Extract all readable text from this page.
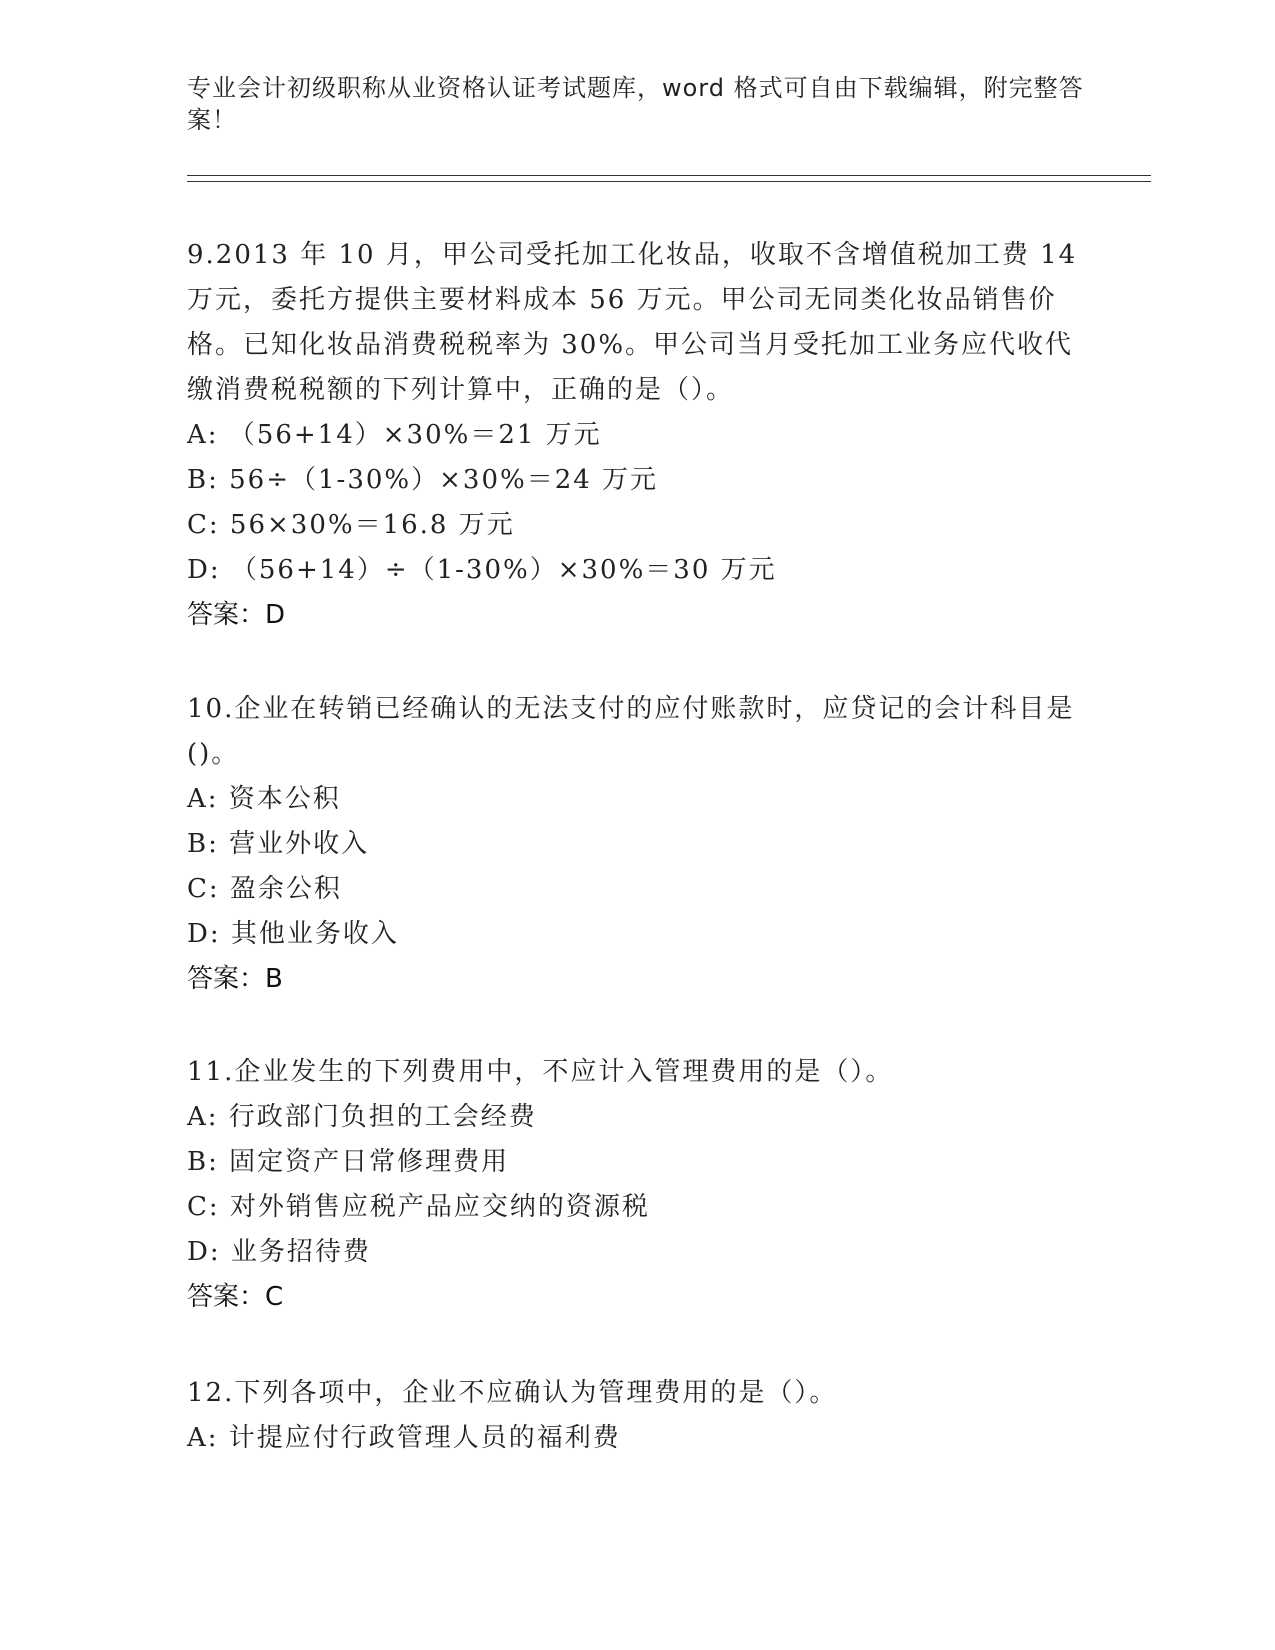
专业会计初级职称从业资格认证考试题库，word 格式可自由下载编辑，附完整答案！

9.2013 年 10 月，甲公司受托加工化妆品，收取不含增值税加工费 14 万元，委托方提供主要材料成本 56 万元。甲公司无同类化妆品销售价格。已知化妆品消费税税率为 30%。甲公司当月受托加工业务应代收代缴消费税税额的下列计算中，正确的是（）。

A: （56+14）×30%＝21 万元

B: 56÷（1-30%）×30%＝24 万元

C: 56×30%＝16.8 万元

D: （56+14）÷（1-30%）×30%＝30 万元

答案：D

10.企业在转销已经确认的无法支付的应付账款时，应贷记的会计科目是()。

A: 资本公积

B: 营业外收入

C: 盈余公积

D: 其他业务收入

答案：B

11.企业发生的下列费用中，不应计入管理费用的是（）。

A: 行政部门负担的工会经费

B: 固定资产日常修理费用

C: 对外销售应税产品应交纳的资源税

D: 业务招待费

答案：C

12.下列各项中，企业不应确认为管理费用的是（）。

A: 计提应付行政管理人员的福利费
